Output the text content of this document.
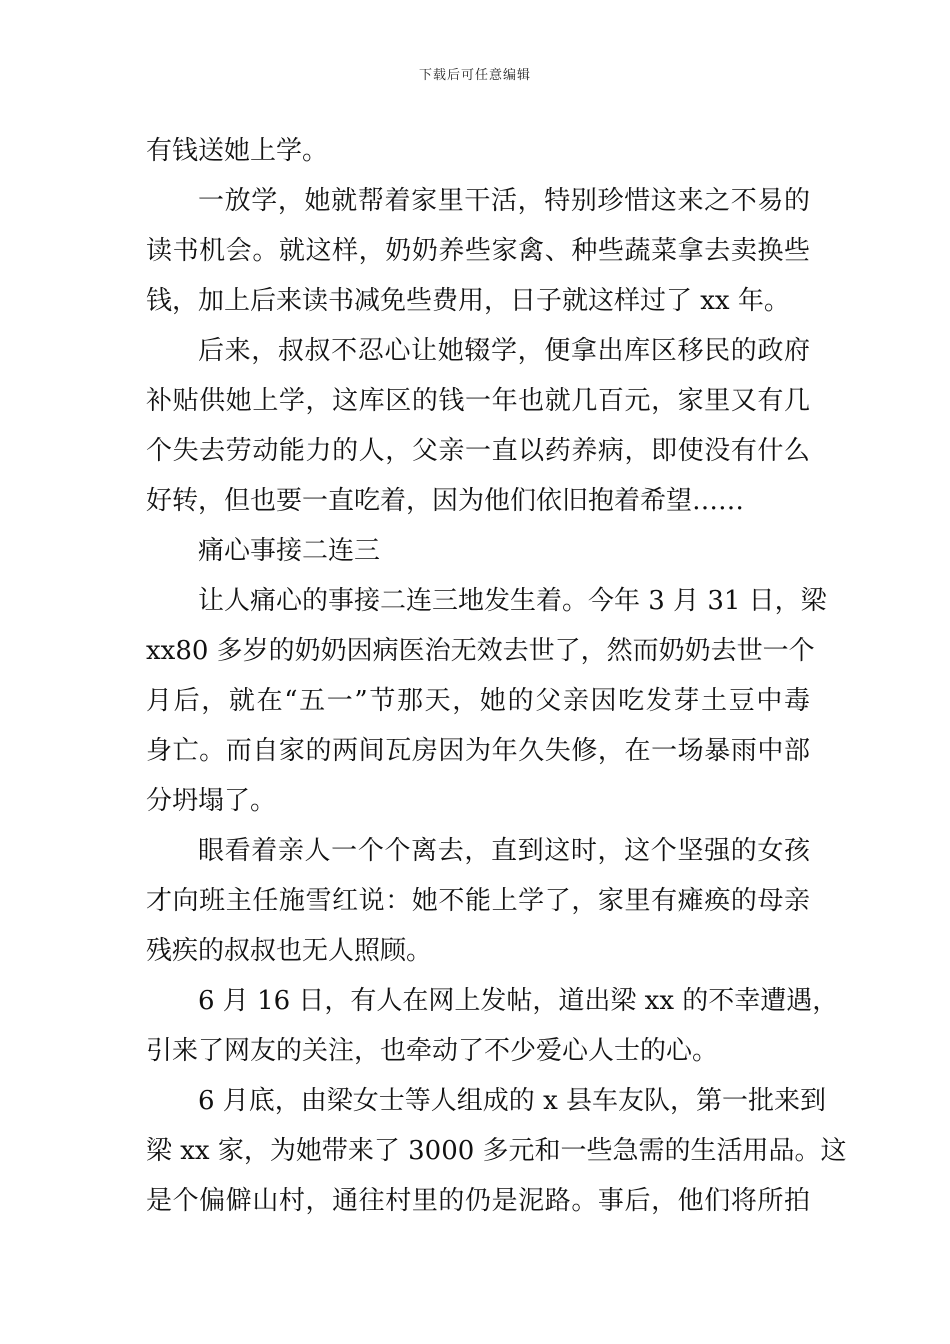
下载后可任意编辑
有钱送她上学。
一放学，她就帮着家里干活，特别珍惜这来之不易的
读书机会。就这样，奶奶养些家禽、种些蔬菜拿去卖换些
钱，加上后来读书减免些费用，日子就这样过了 xx 年。
后来，叔叔不忍心让她辍学，便拿出库区移民的政府
补贴供她上学，这库区的钱一年也就几百元，家里又有几
个失去劳动能力的人，父亲一直以药养病，即使没有什么
好转，但也要一直吃着，因为他们依旧抱着希望……
痛心事接二连三
让人痛心的事接二连三地发生着。今年 3 月 31 日，梁
xx80 多岁的奶奶因病医治无效去世了，然而奶奶去世一个
月后，就在“五一”节那天，她的父亲因吃发芽土豆中毒
身亡。而自家的两间瓦房因为年久失修，在一场暴雨中部
分坍塌了。
眼看着亲人一个个离去，直到这时，这个坚强的女孩
才向班主任施雪红说：她不能上学了，家里有瘫痪的母亲
残疾的叔叔也无人照顾。
6 月 16 日，有人在网上发帖，道出梁 xx 的不幸遭遇，
引来了网友的关注，也牵动了不少爱心人士的心。
6 月底，由梁女士等人组成的 x 县车友队，第一批来到
梁 xx 家，为她带来了 3000 多元和一些急需的生活用品。这
是个偏僻山村，通往村里的仍是泥路。事后，他们将所拍
